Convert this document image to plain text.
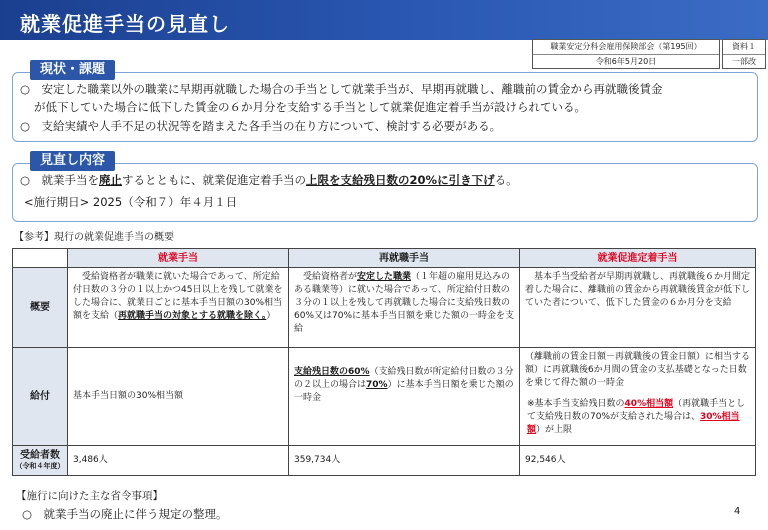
就業促進手当の見直し
職業安定分科会雇用保険部会（第195回）
令和6年5月20日
資料１
一部改
現状・課題
○　安定した職業以外の職業に早期再就職した場合の手当として就業手当が、早期再就職し、離職前の賃金から再就職後賃金
が低下していた場合に低下した賃金の６か月分を支給する手当として就業促進定着手当が設けられている。
○　支給実績や人手不足の状況等を踏まえた各手当の在り方について、検討する必要がある。
見直し内容
○　就業手当を廃止するとともに、就業促進定着手当の上限を支給残日数の20%に引き下げる。
<施行期日> 2025（令和７）年４月１日
【参考】現行の就業促進手当の概要
	就業手当	再就職手当	就業促進定着手当
概要	　受給資格者が職業に就いた場合であって、所定給付日数の３分の１以上かつ45日以上を残して就業をした場合に、就業日ごとに基本手当日額の30%相当額を支給（再就職手当の対象とする就職を除く。）	　受給資格者が安定した職業（１年超の雇用見込みのある職業等）に就いた場合であって、所定給付日数の３分の１以上を残して再就職した場合に支給残日数の60%又は70%に基本手当日額を乗じた額の一時金を支給	　基本手当受給者が早期再就職し、再就職後６か月間定着した場合に、離職前の賃金から再就職後賃金が低下していた者について、低下した賃金の６か月分を支給
給付	基本手当日額の30%相当額	支給残日数の60%（支給残日数が所定給付日数の３分の２以上の場合は70%）に基本手当日額を乗じた額の一時金	（離職前の賃金日額－再就職後の賃金日額）に相当する額）に再就職後6か月間の賃金の支払基礎となった日数を乗じて得た額の一時金
※基本手当支給残日数の40%相当額（再就職手当として支給残日数の70%が支給された場合は、30%相当額）が上限

受給者数
（令和４年度）	3,486人	359,734人	92,546人
【施行に向けた主な省令事項】
○　就業手当の廃止に伴う規定の整理。	4
